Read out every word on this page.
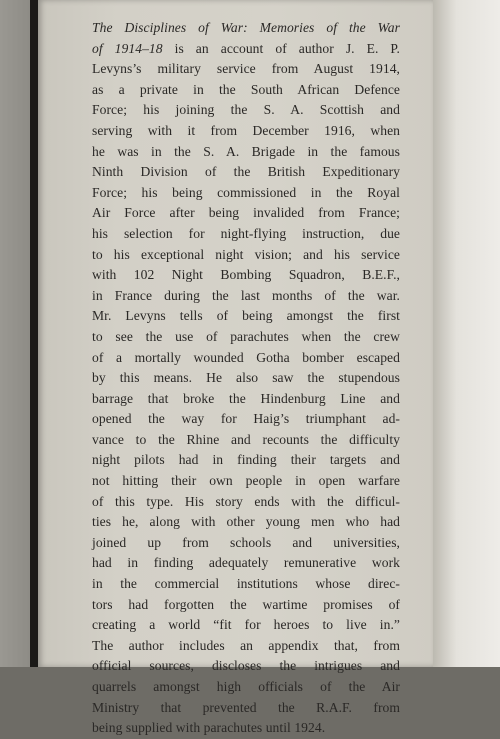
The Disciplines of War: Memories of the War
of 1914–18 is an account of author J. E. P.
Levyns’s military service from August 1914,
as a private in the South African Defence
Force; his joining the S. A. Scottish and
serving with it from December 1916, when
he was in the S. A. Brigade in the famous
Ninth Division of the British Expeditionary
Force; his being commissioned in the Royal
Air Force after being invalided from France;
his selection for night-flying instruction, due
to his exceptional night vision; and his service
with 102 Night Bombing Squadron, B.E.F.,
in France during the last months of the war.
Mr. Levyns tells of being amongst the first
to see the use of parachutes when the crew
of a mortally wounded Gotha bomber escaped
by this means. He also saw the stupendous
barrage that broke the Hindenburg Line and
opened the way for Haig’s triumphant ad-
vance to the Rhine and recounts the difficulty
night pilots had in finding their targets and
not hitting their own people in open warfare
of this type. His story ends with the difficul-
ties he, along with other young men who had
joined up from schools and universities,
had in finding adequately remunerative work
in the commercial institutions whose direc-
tors had forgotten the wartime promises of
creating a world “fit for heroes to live in.”
The author includes an appendix that, from
official sources, discloses the intrigues and
quarrels amongst high officials of the Air
Ministry that prevented the R.A.F. from
being supplied with parachutes until 1924.
